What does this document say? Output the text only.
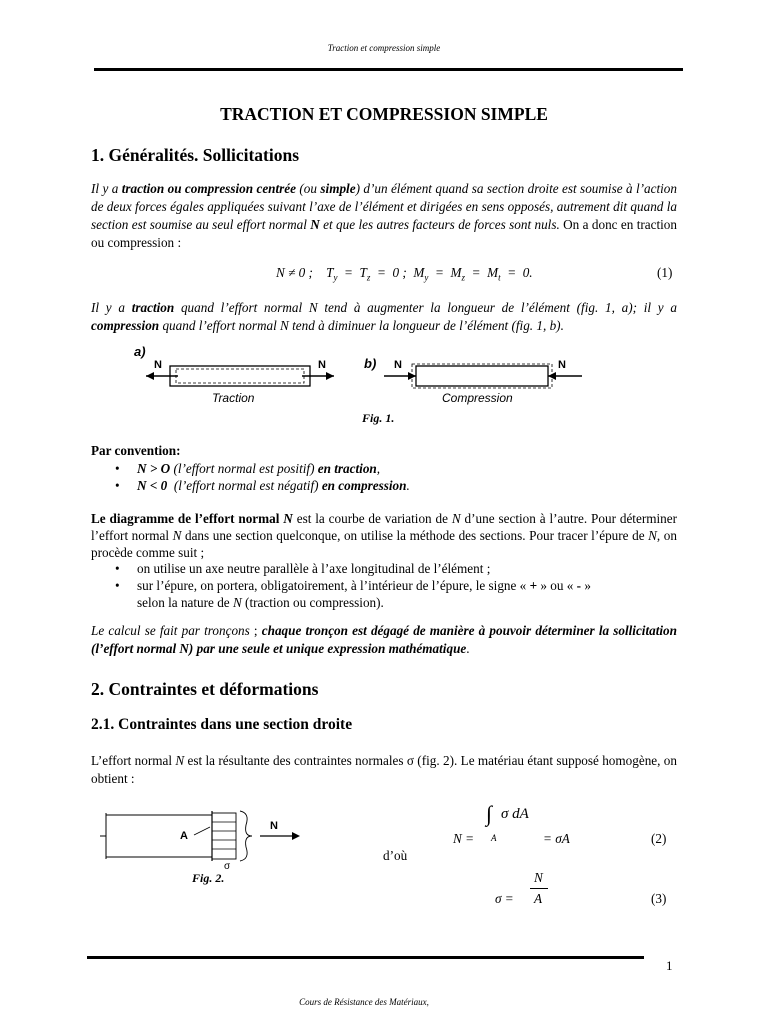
Traction et compression simple
TRACTION ET COMPRESSION SIMPLE
1. Généralités. Sollicitations
Il y a traction ou compression centrée (ou simple) d’un élément quand sa section droite est soumise à l’action de deux forces égales appliquées suivant l’axe de l’élément et dirigées en sens opposés, autrement dit quand la section est soumise au seul effort normal N et que les autres facteurs de forces sont nuls. On a donc en traction ou compression :
N ≠ 0 ; $T_y = T_z = 0$ ; $M_y = M_z = M_t = 0$.	(1)
Il y a traction quand l’effort normal N tend à augmenter la longueur de l’élément (fig. 1, a); il y a compression quand l’effort normal N tend à diminuer la longueur de l’élément (fig. 1, b).
a)
N	N
Traction
b) N	N
Compression
Fig. 1.
Par convention:
• N > O (l’effort normal est positif) en traction,
• N < 0  (l’effort normal est négatif) en compression.
Le diagramme de l’effort normal N est la courbe de variation de N d’une section à l’autre. Pour déterminer l’effort normal N dans une section quelconque, on utilise la méthode des sections. Pour tracer l’épure de N, on procède comme suit ;
• on utilise un axe neutre parallèle à l’axe longitudinal de l’élément ;
• sur l’épure, on portera, obligatoirement, à l’intérieur de l’épure, le signe « + » ou « - »
selon la nature de N (traction ou compression).
Le calcul se fait par tronçons ; chaque tronçon est dégagé de manière à pouvoir déterminer la sollicitation (l’effort normal N) par une seule et unique expression mathématique.
2. Contraintes et déformations
2.1. Contraintes dans une section droite
L’effort normal N est la résultante des contraintes normales σ (fig. 2). Le matériau étant supposé homogène, on obtient :
A
σ
N
Fig. 2.
∫ σ dA
A
N =	= σA	(2)
d’où
N
A
σ =	(3)
1
Cours de Résistance des Matériaux,
